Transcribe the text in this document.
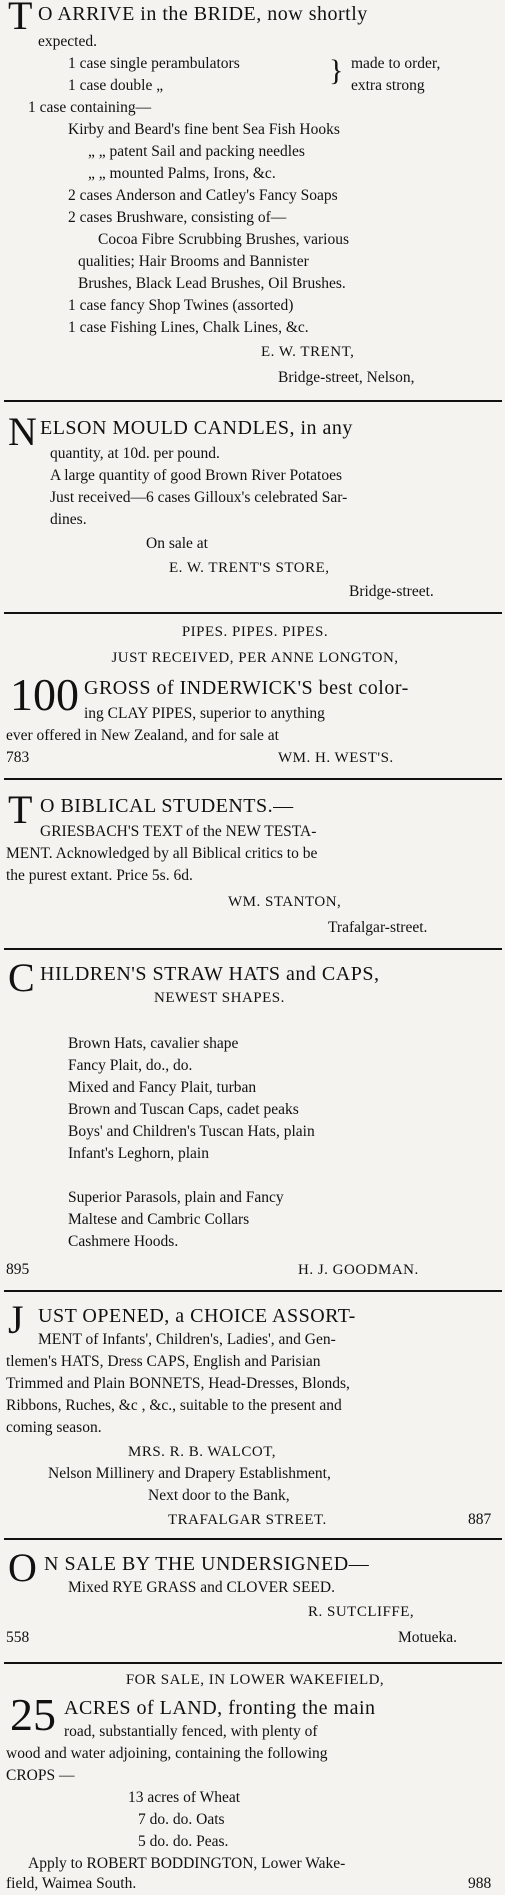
T O ARRIVE in the BRIDE, now shortly
expected.
1 case single perambulators
1 case double „	} made to order,
extra strong
1 case containing—
Kirby and Beard's fine bent Sea Fish Hooks
„ „ patent Sail and packing needles
„ „ mounted Palms, Irons, &c.
2 cases Anderson and Catley's Fancy Soaps
2 cases Brushware, consisting of—
Cocoa Fibre Scrubbing Brushes, various
qualities; Hair Brooms and Bannister
Brushes, Black Lead Brushes, Oil Brushes.
1 case fancy Shop Twines (assorted)
1 case Fishing Lines, Chalk Lines, &c.
E. W. TRENT,
Bridge-street, Nelson,
N ELSON MOULD CANDLES, in any
quantity, at 10d. per pound.
A large quantity of good Brown River Potatoes
Just received—6 cases Gilloux's celebrated Sar-
dines.
On sale at
E. W. TRENT'S STORE,
Bridge-street.
PIPES. PIPES. PIPES.
JUST RECEIVED, PER ANNE LONGTON,
100 GROSS of INDERWICK'S best color-
ing CLAY PIPES, superior to anything
ever offered in New Zealand, and for sale at
783	WM. H. WEST'S.
T O BIBLICAL STUDENTS.—
GRIESBACH'S TEXT of the NEW TESTA-
MENT. Acknowledged by all Biblical critics to be
the purest extant. Price 5s. 6d.
WM. STANTON,
Trafalgar-street.
C HILDREN'S STRAW HATS and CAPS,
NEWEST SHAPES.
Brown Hats, cavalier shape
Fancy Plait, do., do.
Mixed and Fancy Plait, turban
Brown and Tuscan Caps, cadet peaks
Boys' and Children's Tuscan Hats, plain
Infant's Leghorn, plain
Superior Parasols, plain and Fancy
Maltese and Cambric Collars
Cashmere Hoods.
895	H. J. GOODMAN.
J UST OPENED, a CHOICE ASSORT-
MENT of Infants', Children's, Ladies', and Gen-
tlemen's HATS, Dress CAPS, English and Parisian
Trimmed and Plain BONNETS, Head-Dresses, Blonds,
Ribbons, Ruches, &c , &c., suitable to the present and
coming season.
MRS. R. B. WALCOT,
Nelson Millinery and Drapery Establishment,
Next door to the Bank,
TRAFALGAR STREET.	887
O N SALE BY THE UNDERSIGNED—
Mixed RYE GRASS and CLOVER SEED.
R. SUTCLIFFE,
558	Motueka.
FOR SALE, IN LOWER WAKEFIELD,
25 ACRES of LAND, fronting the main
road, substantially fenced, with plenty of
wood and water adjoining, containing the following
CROPS —
13 acres of Wheat
7 do. do. Oats
5 do. do. Peas.
Apply to ROBERT BODDINGTON, Lower Wake-
field, Waimea South.	988
